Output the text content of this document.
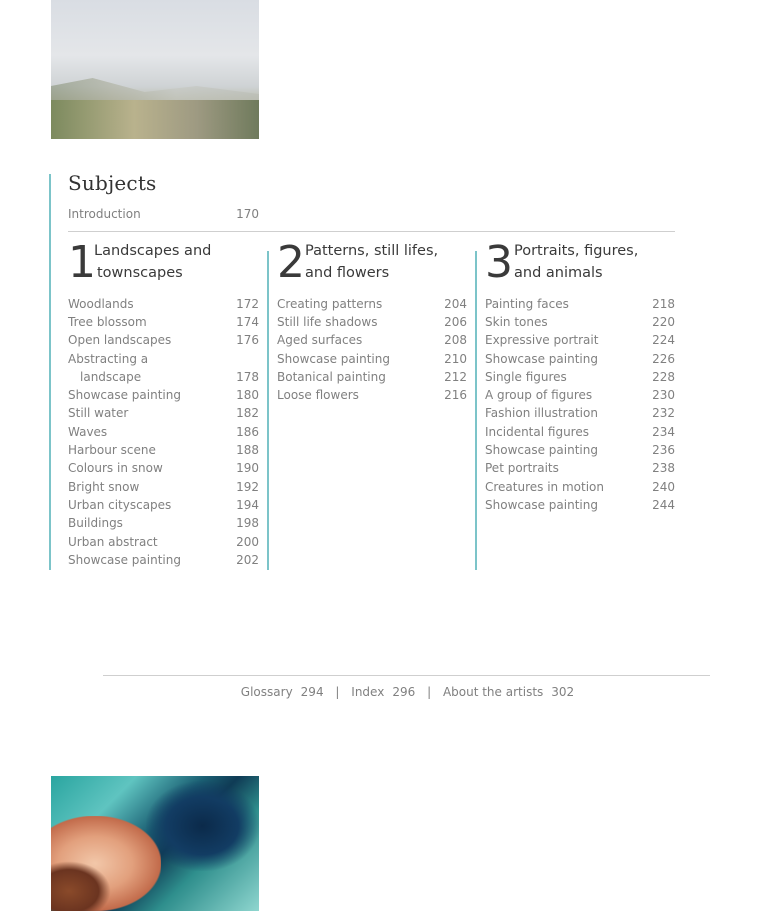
Subjects
Introduction	170
1
Landscapes and
townscapes 2 Patterns, still lifes,
and flowers 3 Portraits, figures,
and animals
Woodlands	172
Tree blossom	174
Open landscapes	176
Abstracting a
landscape	178
Showcase painting	180
Still water	182
Waves	186
Harbour scene	188
Colours in snow	190
Bright snow	192
Urban cityscapes	194
Buildings	198
Urban abstract	200
Showcase painting	202
Creating patterns	204
Still life shadows	206
Aged surfaces	208
Showcase painting	210
Botanical painting	212
Loose flowers	216
Painting faces	218
Skin tones	220
Expressive portrait	224
Showcase painting	226
Single figures	228
A group of figures	230
Fashion illustration	232
Incidental figures	234
Showcase painting	236
Pet portraits	238
Creatures in motion	240
Showcase painting	244
Glossary 294 | Index 296 | About the artists 302
